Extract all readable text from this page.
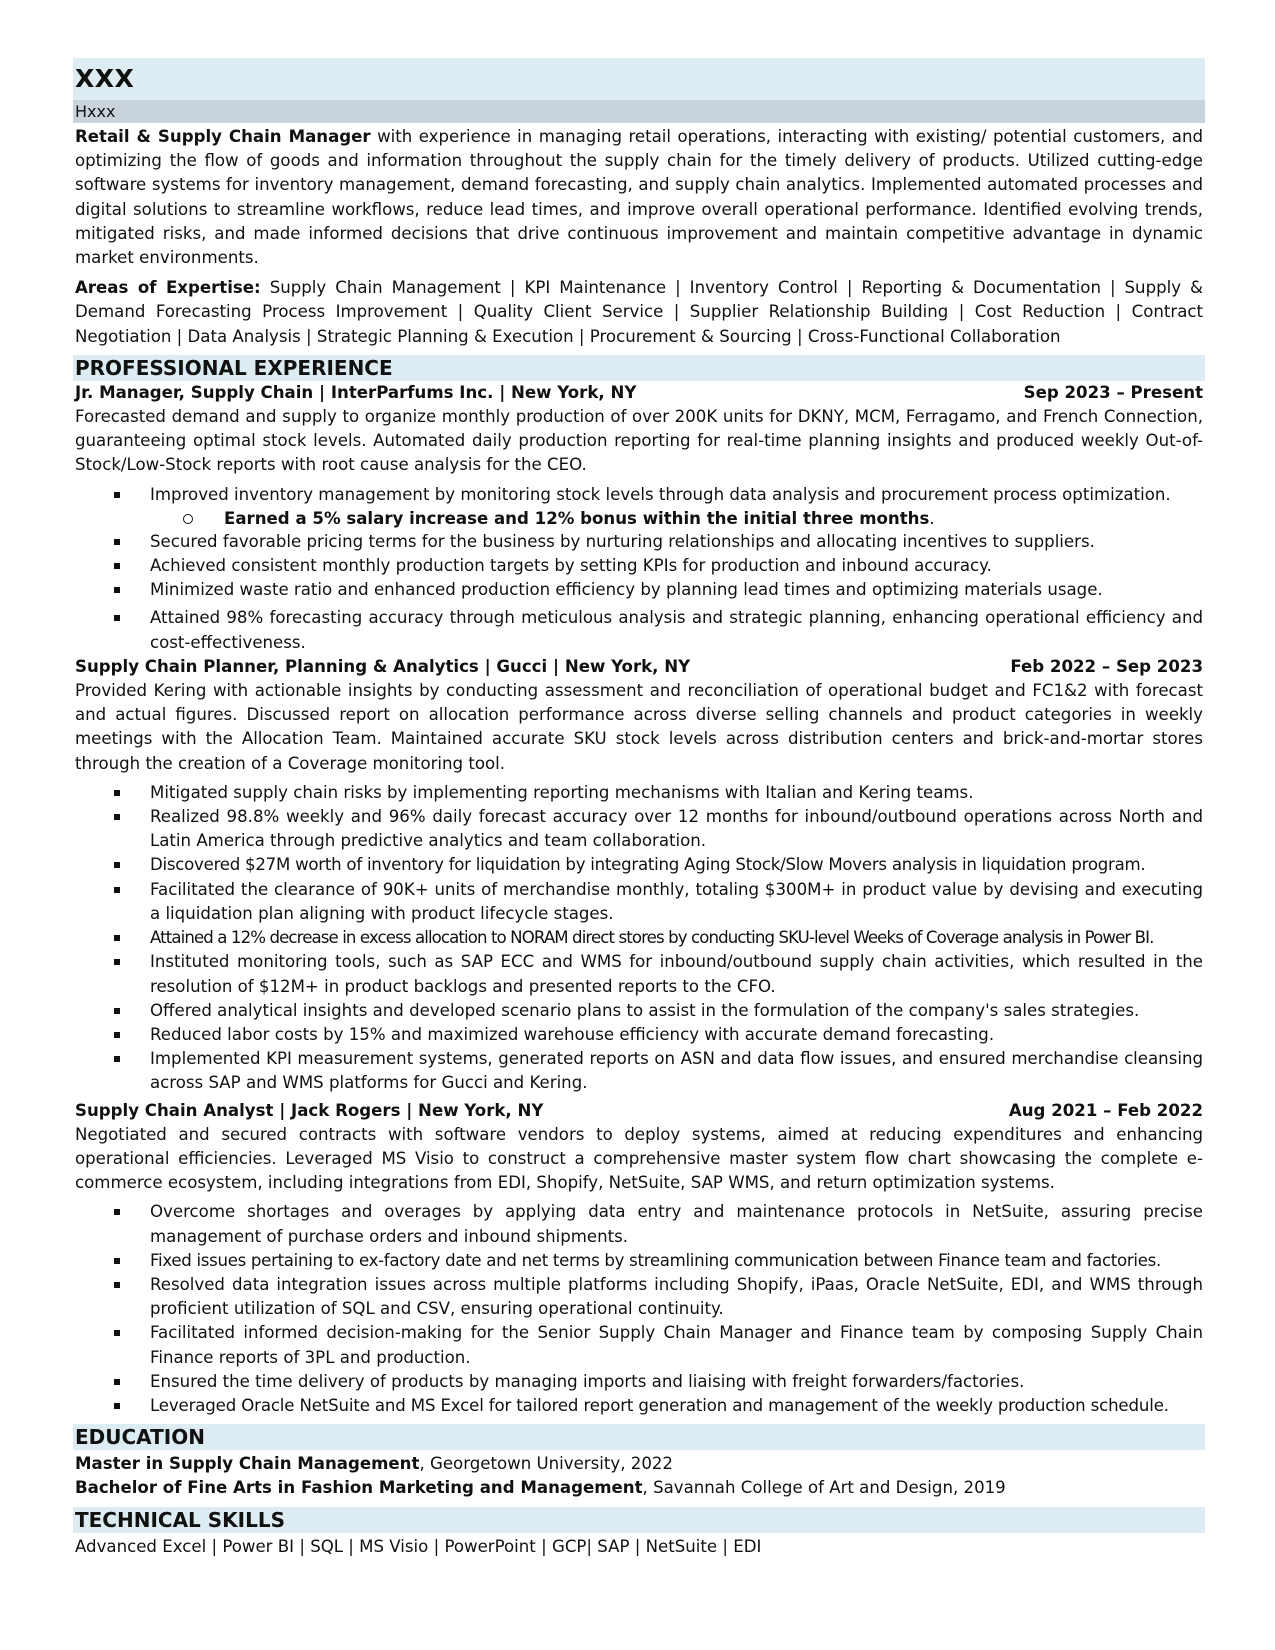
XXX
Hxxx

Retail & Supply Chain Manager with experience in managing retail operations, interacting with existing/ potential customers, and optimizing the flow of goods and information throughout the supply chain for the timely delivery of products. Utilized cutting-edge software systems for inventory management, demand forecasting, and supply chain analytics. Implemented automated processes and digital solutions to streamline workflows, reduce lead times, and improve overall operational performance. Identified evolving trends, mitigated risks, and made informed decisions that drive continuous improvement and maintain competitive advantage in dynamic market environments.

Areas of Expertise: Supply Chain Management | KPI Maintenance | Inventory Control | Reporting & Documentation | Supply & Demand Forecasting Process Improvement | Quality Client Service | Supplier Relationship Building | Cost Reduction | Contract Negotiation | Data Analysis | Strategic Planning & Execution | Procurement & Sourcing | Cross-Functional Collaboration

PROFESSIONAL EXPERIENCE
Jr. Manager, Supply Chain | InterParfums Inc. | New York, NY	Sep 2023 – Present

Forecasted demand and supply to organize monthly production of over 200K units for DKNY, MCM, Ferragamo, and French Connection, guaranteeing optimal stock levels. Automated daily production reporting for real-time planning insights and produced weekly Out-of-Stock/Low-Stock reports with root cause analysis for the CEO.

Improved inventory management by monitoring stock levels through data analysis and procurement process optimization.
Earned a 5% salary increase and 12% bonus within the initial three months.
Secured favorable pricing terms for the business by nurturing relationships and allocating incentives to suppliers.
Achieved consistent monthly production targets by setting KPIs for production and inbound accuracy.
Minimized waste ratio and enhanced production efficiency by planning lead times and optimizing materials usage.
Attained 98% forecasting accuracy through meticulous analysis and strategic planning, enhancing operational efficiency and cost-effectiveness.
Supply Chain Planner, Planning & Analytics | Gucci | New York, NY	Feb 2022 – Sep 2023

Provided Kering with actionable insights by conducting assessment and reconciliation of operational budget and FC1&2 with forecast and actual figures. Discussed report on allocation performance across diverse selling channels and product categories in weekly meetings with the Allocation Team. Maintained accurate SKU stock levels across distribution centers and brick-and-mortar stores through the creation of a Coverage monitoring tool.

Mitigated supply chain risks by implementing reporting mechanisms with Italian and Kering teams.
Realized 98.8% weekly and 96% daily forecast accuracy over 12 months for inbound/outbound operations across North and Latin America through predictive analytics and team collaboration.
Discovered $27M worth of inventory for liquidation by integrating Aging Stock/Slow Movers analysis in liquidation program.
Facilitated the clearance of 90K+ units of merchandise monthly, totaling $300M+ in product value by devising and executing a liquidation plan aligning with product lifecycle stages.
Attained a 12% decrease in excess allocation to NORAM direct stores by conducting SKU-level Weeks of Coverage analysis in Power BI.
Instituted monitoring tools, such as SAP ECC and WMS for inbound/outbound supply chain activities, which resulted in the resolution of $12M+ in product backlogs and presented reports to the CFO.
Offered analytical insights and developed scenario plans to assist in the formulation of the company's sales strategies.
Reduced labor costs by 15% and maximized warehouse efficiency with accurate demand forecasting.
Implemented KPI measurement systems, generated reports on ASN and data flow issues, and ensured merchandise cleansing across SAP and WMS platforms for Gucci and Kering.
Supply Chain Analyst | Jack Rogers | New York, NY	Aug 2021 – Feb 2022

Negotiated and secured contracts with software vendors to deploy systems, aimed at reducing expenditures and enhancing operational efficiencies. Leveraged MS Visio to construct a comprehensive master system flow chart showcasing the complete e-commerce ecosystem, including integrations from EDI, Shopify, NetSuite, SAP WMS, and return optimization systems.

Overcome shortages and overages by applying data entry and maintenance protocols in NetSuite, assuring precise management of purchase orders and inbound shipments.
Fixed issues pertaining to ex-factory date and net terms by streamlining communication between Finance team and factories.
Resolved data integration issues across multiple platforms including Shopify, iPaas, Oracle NetSuite, EDI, and WMS through proficient utilization of SQL and CSV, ensuring operational continuity.
Facilitated informed decision-making for the Senior Supply Chain Manager and Finance team by composing Supply Chain Finance reports of 3PL and production.
Ensured the time delivery of products by managing imports and liaising with freight forwarders/factories.
Leveraged Oracle NetSuite and MS Excel for tailored report generation and management of the weekly production schedule.
EDUCATION

Master in Supply Chain Management, Georgetown University, 2022

Bachelor of Fine Arts in Fashion Marketing and Management, Savannah College of Art and Design, 2019

TECHNICAL SKILLS

Advanced Excel | Power BI | SQL | MS Visio | PowerPoint | GCP| SAP | NetSuite | EDI
